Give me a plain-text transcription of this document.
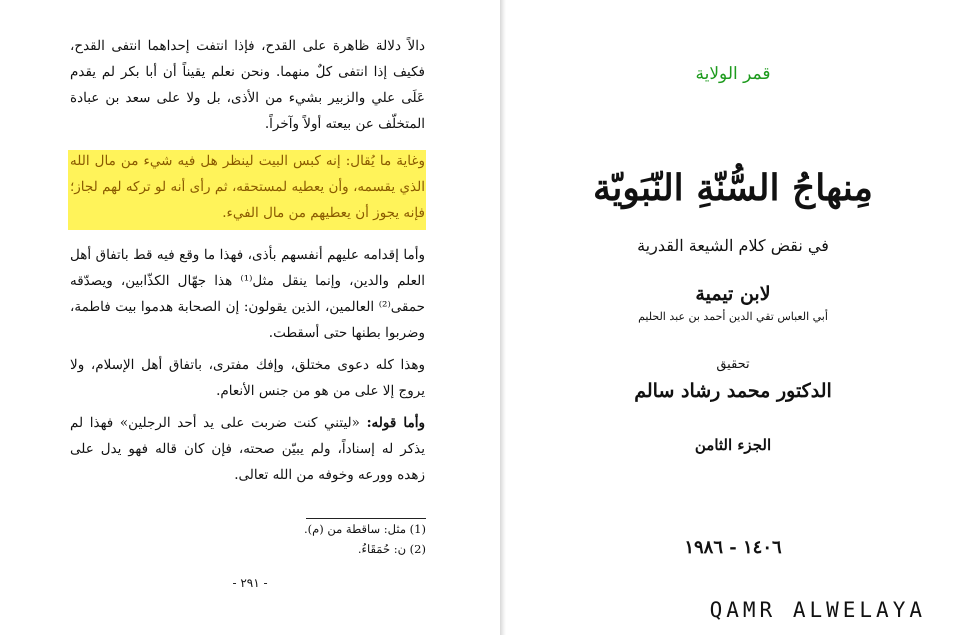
دالاً دلالة ظاهرة على القدح، فإذا انتفت إحداهما انتفى القدح، فكيف إذا انتفى كلٌ منهما. ونحن نعلم يقيناً أن أبا بكر لم يقدم عَلَى علي والزبير بشيء من الأذى، بل ولا على سعد بن عبادة المتخلّف عن بيعته أولاً وآخراً.
وغاية ما يُقال: إنه كبس البيت لينظر هل فيه شيء من مال الله الذي يقسمه، وأن يعطيه لمستحقه، ثم رأى أنه لو تركه لهم لجاز؛ فإنه يجوز أن يعطيهم من مال الفيء.
وأما إقدامه عليهم أنفسهم بأذى، فهذا ما وقع فيه قط باتفاق أهل العلم والدين، وإنما ينقل مثل⁽¹⁾ هذا جهّال الكذّابين، ويصدّقه حمقى⁽²⁾ العالمين، الذين يقولون: إن الصحابة هدموا بيت فاطمة، وضربوا بطنها حتى أسقطت.
وهذا كله دعوى مختلق، وإفك مفترى، باتفاق أهل الإسلام، ولا يروج إلا على من هو من جنس الأنعام.
وأما قوله: «ليتني كنت ضربت على يد أحد الرجلين» فهذا لم يذكر له إسناداً، ولم يبيّن صحته، فإن كان قاله فهو يدل على زهده وورعه وخوفه من الله تعالى.
(1) مثل: ساقطة من (م).
(2) ن: حُمَقَاءُ.
- ٢٩١ -
قمر الولاية
مِنهاجُ السُّنّةِ النّبَويّة
في نقض كلام الشيعة القدرية
لابن تيمية
أبي العباس تقي الدين أحمد بن عبد الحليم
تحقيق
الدكتور محمد رشاد سالم
الجزء الثامن
١٤٠٦ - ١٩٨٦
QAMR ALWELAYA
